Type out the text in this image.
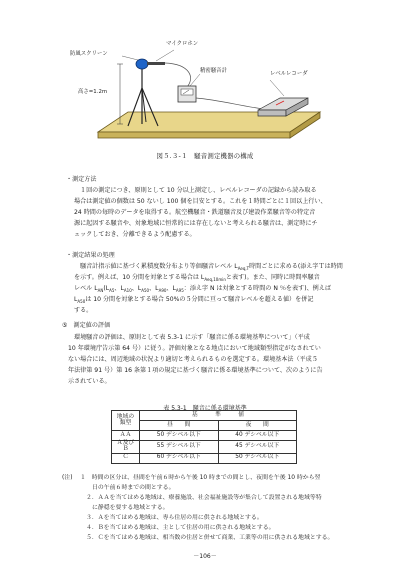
防風スクリーン
マイクロホン
精密騒音計	レベルレコーダ
高さ=1.2m
図５.３-１　騒音測定機器の構成
・測定方法
１回の測定につき、原則として 10 分以上測定し、レベルレコーダの記録から読み取る
場合は測定値の個数は 50 ないし 100 個を目安とする。これを１時間ごとに１回以上行い、
24 時間の毎時のデータを取得する。航空機騒音・鉄道騒音及び建設作業騒音等の特定音
源に起因する騒音や、対象地域に恒常的には存在しないと考えられる騒音は、測定時にチ
ェックしておき、分離できるよう配慮する。
・測定結果の処理
騒音計指示値に基づく累積度数分布より等価騒音レベル $L_{Aeq,T}$時間ごとに求める(添え字Ｔは時間
を示す。例えば、10 分間を対象とする場合は $L_{Aeq,10min}$と表す)。また、同時に時間率騒音
レベル $L_{AN}(L_{A5}$、$L_{A10}$、$L_{A50}$、$L_{A90}$、$L_{A95}$：添え字 N は対象とする時間の N ％を表す)、例えば
$L_{A50}$は 10 分間を対象とする場合 50%の５分間に亘って騒音レベルを超える値）を併記
する。
⑤　測定値の評価
環境騒音の評価は、原則として表 5.3-1 に示す「騒音に係る環境基準について」（平成
10 年環境庁告示第 64 号）に従う。評価対象となる地点において地域類型指定がなされてい
ない場合には、周辺地域の状況より適切と考えられるものを選定する。環境基本法（平成５
年法律第 91 号）第 16 条第１項の規定に基づく騒音に係る環境基準について、次のように告
示されている。
表 5.3-1　騒音に係る環境基準
地域の
類型	基　　　準　　　値	
	昼　　間	夜　　間
ＡＡ	50 デシベル以下	40 デシベル以下
Ａ及びＢ	55 デシベル以下	45 デシベル以下
Ｃ	60 デシベル以下	50 デシベル以下
(注) １　時間の区分は、昼間を午前６時から午後 10 時までの間とし、夜間を午後 10 時から翌
日の午前６時までの間とする。
２．ＡＡを当てはめる地域は、療養施設、社会福祉施設等が集合して設置される地域等特
に静穏を要する地域とする。
３．Ａを当てはめる地域は、専ら住居の用に供される地域とする。
４．Ｂを当てはめる地域は、主として住居の用に供される地域とする。
５．Ｃを当てはめる地域は、相当数の住居と併せて商業、工業等の用に供される地域とする。
－106－
